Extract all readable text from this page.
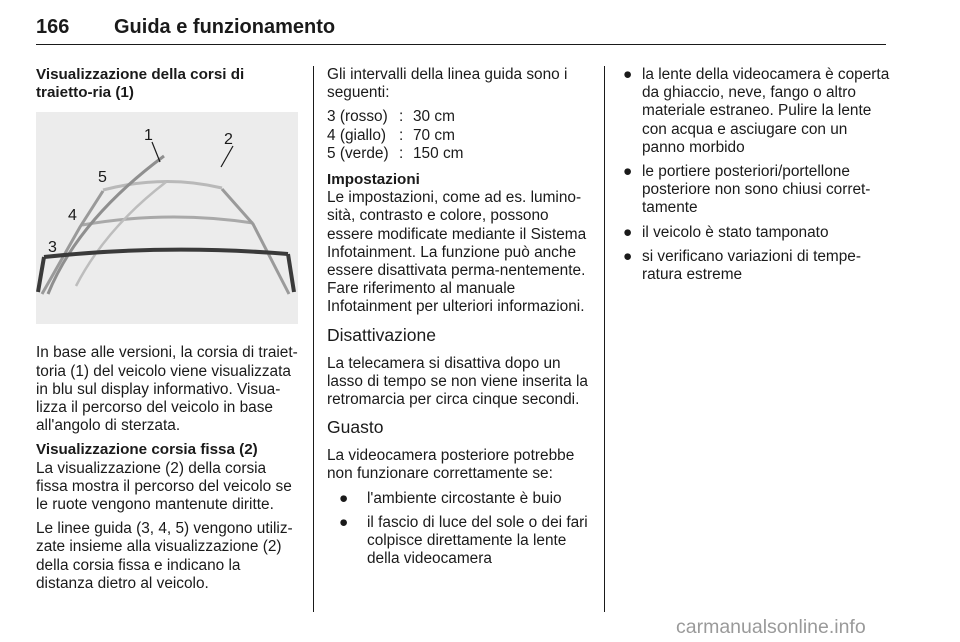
166 Guida e funzionamento
Visualizzazione della corsi di traietto-ria (1)
1	2
5
4
3

In base alle versioni, la corsia di traiet-toria (1) del veicolo viene visualizzata in blu sul display informativo. Visua-lizza il percorso del veicolo in base all'angolo di sterzata.

Visualizzazione corsia fissa (2)

La visualizzazione (2) della corsia fissa mostra il percorso del veicolo se le ruote vengono mantenute diritte.

Le linee guida (3, 4, 5) vengono utiliz-zate insieme alla visualizzazione (2) della corsia fissa e indicano la distanza dietro al veicolo.

Gli intervalli della linea guida sono i seguenti:

3 (rosso)	:	30 cm
4 (giallo)	:	70 cm
5 (verde)	:	150 cm
Impostazioni

Le impostazioni, come ad es. lumino-sità, contrasto e colore, possono essere modificate mediante il Sistema Infotainment. La funzione può anche essere disattivata perma-nentemente. Fare riferimento al manuale Infotainment per ulteriori informazioni.

Disattivazione

La telecamera si disattiva dopo un lasso di tempo se non viene inserita la retromarcia per circa cinque secondi.

Guasto

La videocamera posteriore potrebbe non funzionare correttamente se:

● l'ambiente circostante è buio
● il fascio di luce del sole o dei fari colpisce direttamente la lente della videocamera
● la lente della videocamera è coperta da ghiaccio, neve, fango o altro materiale estraneo. Pulire la lente con acqua e asciugare con un panno morbido
● le portiere posteriori/portellone posteriore non sono chiusi corret-tamente
● il veicolo è stato tamponato
● si verificano variazioni di tempe-ratura estreme
carmanualsonline.info
